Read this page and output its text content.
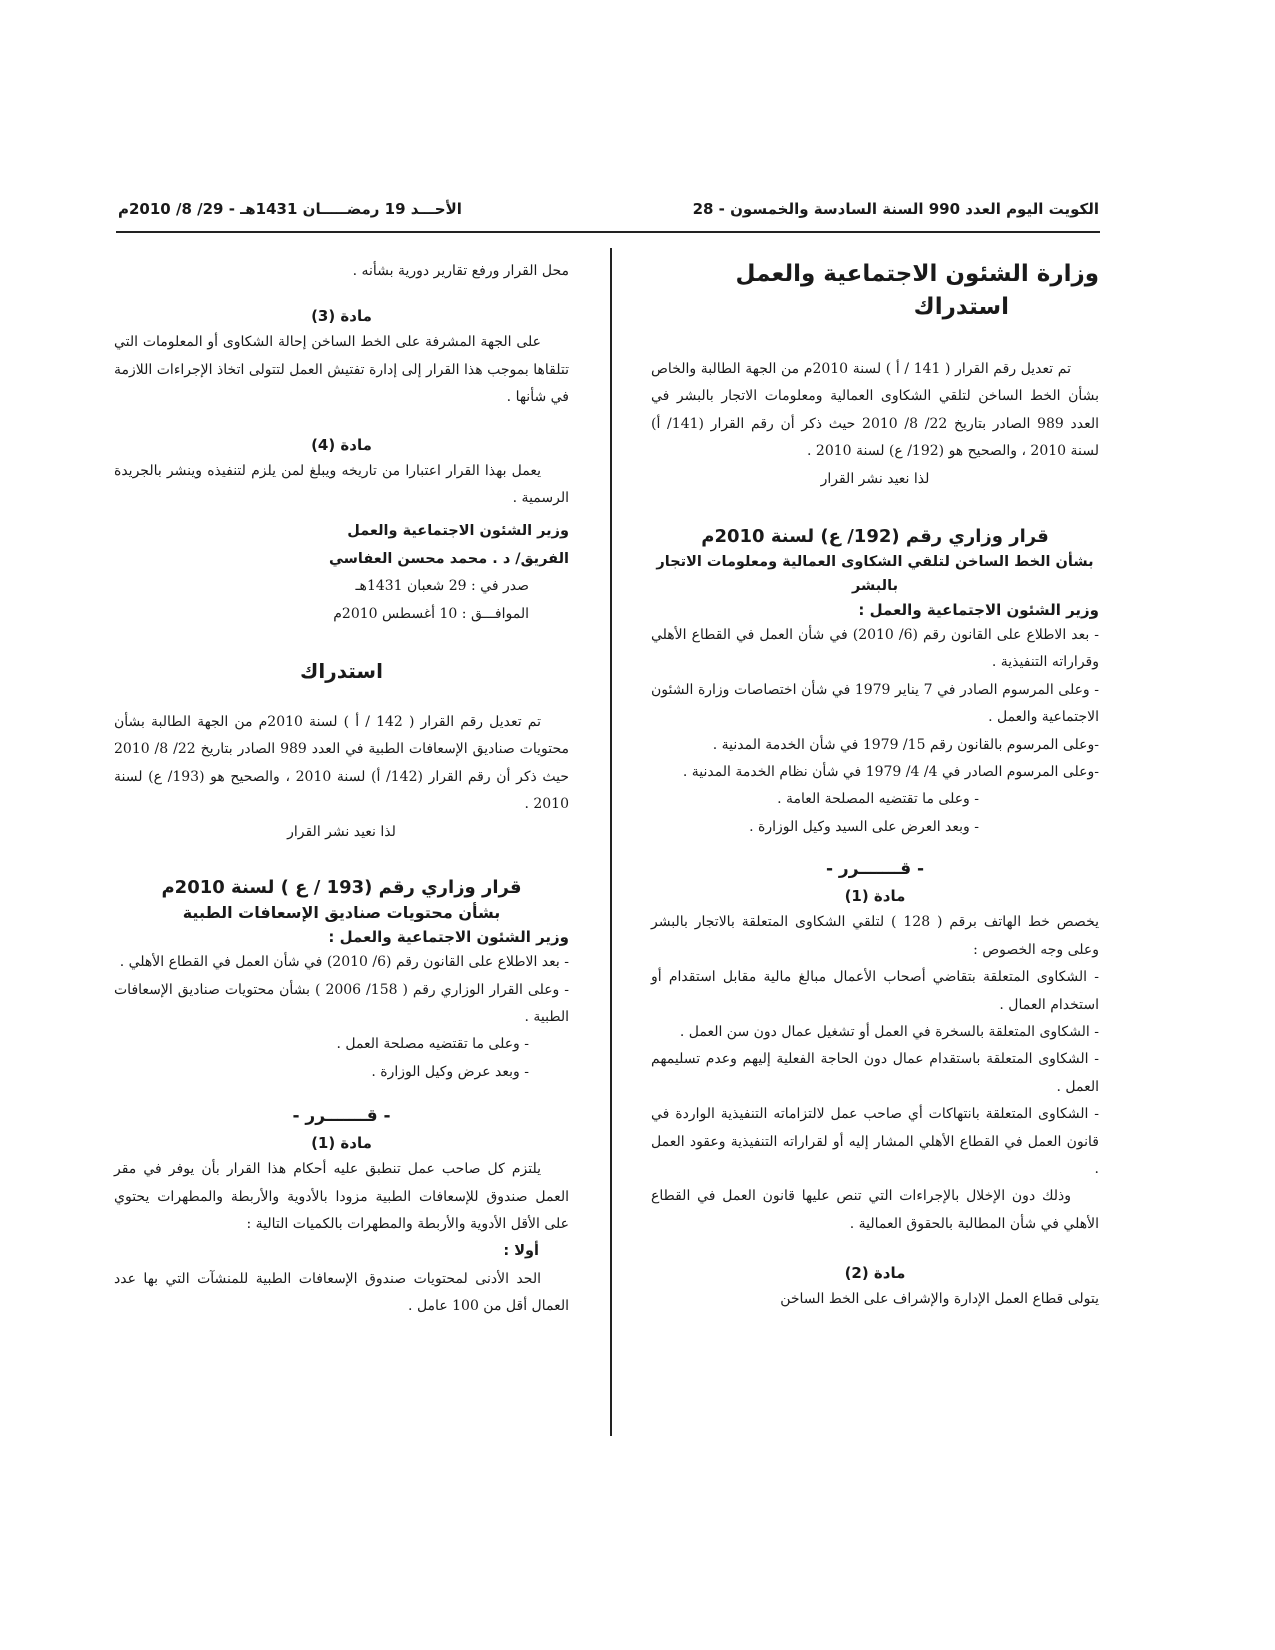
الكويت اليوم العدد 990 السنة السادسة والخمسون - 28
الأحـــد 19 رمضـــــان 1431هـ - 29/ 8/ 2010م
وزارة الشئون الاجتماعية والعمل
استدراك

تم تعديل رقم القرار ( 141 / أ ) لسنة 2010م من الجهة الطالبة والخاص بشأن الخط الساخن لتلقي الشكاوى العمالية ومعلومات الاتجار بالبشر في العدد 989 الصادر بتاريخ 22/ 8/ 2010 حيث ذكر أن رقم القرار (141/ أ) لسنة 2010 ، والصحيح هو (192/ ع) لسنة 2010 .

لذا نعيد نشر القرار

قرار وزاري رقم (192/ ع) لسنة 2010م
بشأن الخط الساخن لتلقي الشكاوى العمالية ومعلومات الاتجار بالبشر
وزير الشئون الاجتماعية والعمل :

- بعد الاطلاع على القانون رقم (6/ 2010) في شأن العمل في القطاع الأهلي وقراراته التنفيذية .

- وعلى المرسوم الصادر في 7 يناير 1979 في شأن اختصاصات وزارة الشئون الاجتماعية والعمل .

-وعلى المرسوم بالقانون رقم 15/ 1979 في شأن الخدمة المدنية .

-وعلى المرسوم الصادر في 4/ 4/ 1979 في شأن نظام الخدمة المدنية .

- وعلى ما تقتضيه المصلحة العامة .

- وبعد العرض على السيد وكيل الوزارة .

- قـــــــرر -

مادة (1)

يخصص خط الهاتف برقم ( 128 ) لتلقي الشكاوى المتعلقة بالاتجار بالبشر وعلى وجه الخصوص :

- الشكاوى المتعلقة بتقاضي أصحاب الأعمال مبالغ مالية مقابل استقدام أو استخدام العمال .

- الشكاوى المتعلقة بالسخرة في العمل أو تشغيل عمال دون سن العمل .

- الشكاوى المتعلقة باستقدام عمال دون الحاجة الفعلية إليهم وعدم تسليمهم العمل .

- الشكاوى المتعلقة بانتهاكات أي صاحب عمل لالتزاماته التنفيذية الواردة في قانون العمل في القطاع الأهلي المشار إليه أو لقراراته التنفيذية وعقود العمل .

وذلك دون الإخلال بالإجراءات التي تنص عليها قانون العمل في القطاع الأهلي في شأن المطالبة بالحقوق العمالية .

مادة (2)

يتولى قطاع العمل الإدارة والإشراف على الخط الساخن

محل القرار ورفع تقارير دورية بشأنه .

مادة (3)

على الجهة المشرفة على الخط الساخن إحالة الشكاوى أو المعلومات التي تتلقاها بموجب هذا القرار إلى إدارة تفتيش العمل لتتولى اتخاذ الإجراءات اللازمة في شأنها .

مادة (4)

يعمل بهذا القرار اعتبارا من تاريخه ويبلغ لمن يلزم لتنفيذه وينشر بالجريدة الرسمية .

وزير الشئون الاجتماعية والعمل

الفريق/ د . محمد محسن العفاسي

صدر في : 29 شعبان 1431هـ

الموافـــق : 10 أغسطس 2010م

استدراك

تم تعديل رقم القرار ( 142 / أ ) لسنة 2010م من الجهة الطالبة بشأن محتويات صناديق الإسعافات الطبية في العدد 989 الصادر بتاريخ 22/ 8/ 2010 حيث ذكر أن رقم القرار (142/ أ) لسنة 2010 ، والصحيح هو (193/ ع) لسنة 2010 .

لذا نعيد نشر القرار

قرار وزاري رقم (193 / ع ) لسنة 2010م
بشأن محتويات صناديق الإسعافات الطبية
وزير الشئون الاجتماعية والعمل :

- بعد الاطلاع على القانون رقم (6/ 2010) في شأن العمل في القطاع الأهلي .

- وعلى القرار الوزاري رقم ( 158/ 2006 ) بشأن محتويات صناديق الإسعافات الطبية .

- وعلى ما تقتضيه مصلحة العمل .

- وبعد عرض وكيل الوزارة .

- قـــــــرر -

مادة (1)

يلتزم كل صاحب عمل تنطبق عليه أحكام هذا القرار بأن يوفر في مقر العمل صندوق للإسعافات الطبية مزودا بالأدوية والأربطة والمطهرات يحتوي على الأقل الأدوية والأربطة والمطهرات بالكميات التالية :

أولا :

الحد الأدنى لمحتويات صندوق الإسعافات الطبية للمنشآت التي بها عدد العمال أقل من 100 عامل .
